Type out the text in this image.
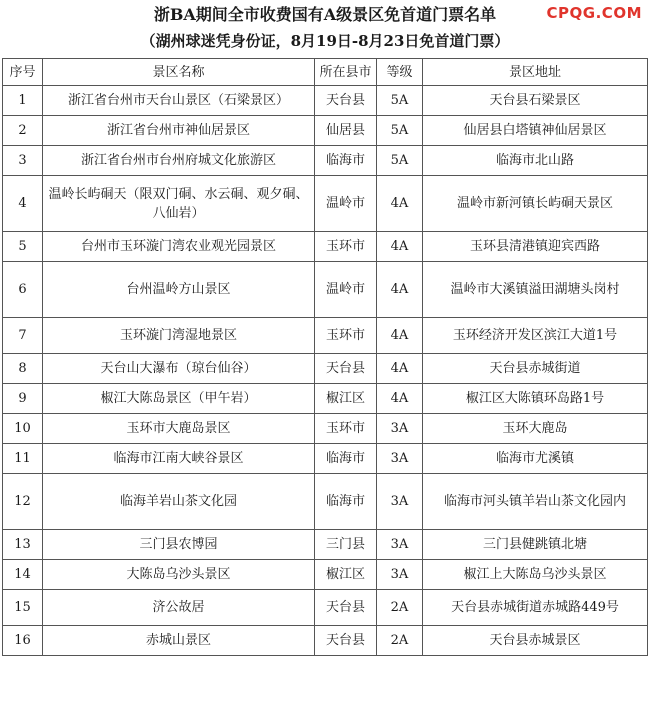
CPQG.COM
浙BA期间全市收费国有A级景区免首道门票名单
（湖州球迷凭身份证，8月19日-8月23日免首道门票）
序号	景区名称	所在县市	等级	景区地址
1	浙江省台州市天台山景区（石梁景区）	天台县	5A	天台县石梁景区
2	浙江省台州市神仙居景区	仙居县	5A	仙居县白塔镇神仙居景区
3	浙江省台州市台州府城文化旅游区	临海市	5A	临海市北山路
4	温岭长屿硐天（限双门硐、水云硐、观夕硐、八仙岩）	温岭市	4A	温岭市新河镇长屿硐天景区
5	台州市玉环漩门湾农业观光园景区	玉环市	4A	玉环县清港镇迎宾西路
6	台州温岭方山景区	温岭市	4A	温岭市大溪镇溢田湖塘头岗村
7	玉环漩门湾湿地景区	玉环市	4A	玉环经济开发区滨江大道1号
8	天台山大瀑布（琼台仙谷）	天台县	4A	天台县赤城街道
9	椒江大陈岛景区（甲午岩）	椒江区	4A	椒江区大陈镇环岛路1号
10	玉环市大鹿岛景区	玉环市	3A	玉环大鹿岛
11	临海市江南大峡谷景区	临海市	3A	临海市尤溪镇
12	临海羊岩山茶文化园	临海市	3A	临海市河头镇羊岩山茶文化园内
13	三门县农博园	三门县	3A	三门县健跳镇北塘
14	大陈岛乌沙头景区	椒江区	3A	椒江上大陈岛乌沙头景区
15	济公故居	天台县	2A	天台县赤城街道赤城路449号
16	赤城山景区	天台县	2A	天台县赤城景区
